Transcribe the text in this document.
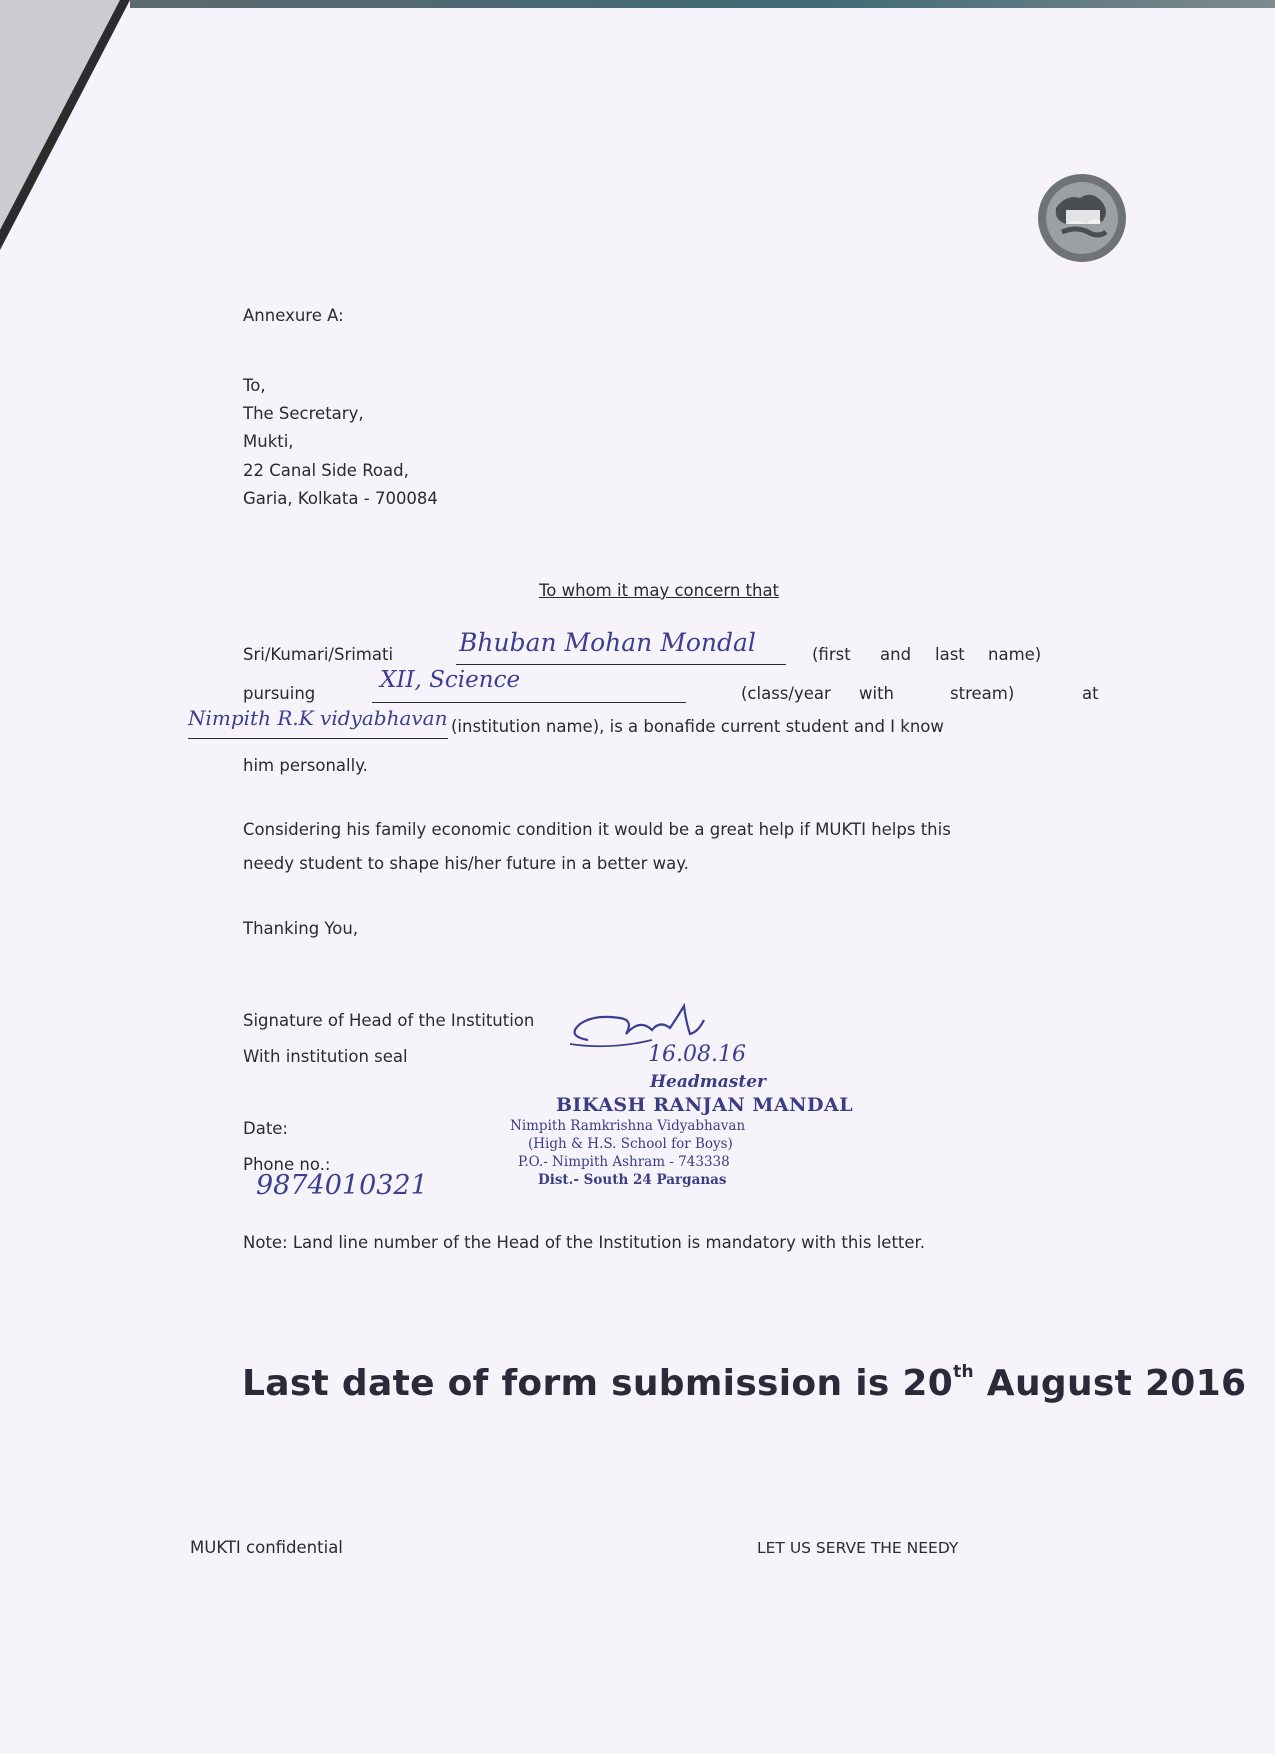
Annexure A:
To,
The Secretary,
Mukti,
22 Canal Side Road,
Garia, Kolkata - 700084
To whom it may concern that
Sri/Kumari/Srimati	Bhuban Mohan Mondal	(first and last name)
pursuing
XII, Science
(class/year with	stream)	at
Nimpith R.K vidyabhavan (institution name), is a bonafide current student and I know
him personally.
Considering his family economic condition it would be a great help if MUKTI helps this
needy student to shape his/her future in a better way.
Thanking You,
Signature of Head of the Institution
With institution seal	16.08.16
Headmaster
BIKASH RANJAN MANDAL
Nimpith Ramkrishna Vidyabhavan
(High & H.S. School for Boys)
P.O.- Nimpith Ashram - 743338
Dist.- South 24 Parganas
Date:
Phone no.:
9874010321
Note: Land line number of the Head of the Institution is mandatory with this letter.
Last date of form submission is 20th August 2016
MUKTI confidential	LET US SERVE THE NEEDY
